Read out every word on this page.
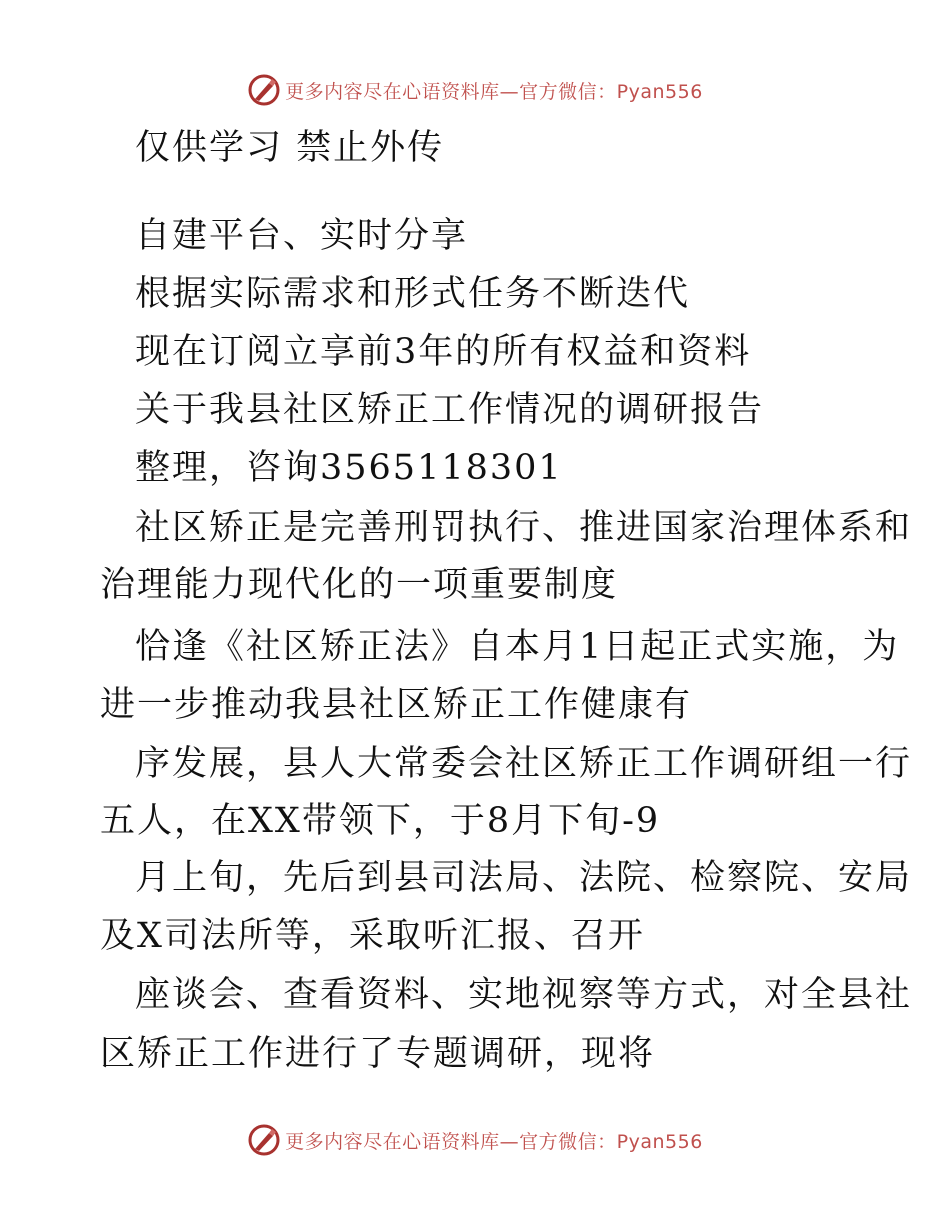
更多内容尽在心语资料库—官方微信：Pyan556

仅供学习 禁止外传

自建平台、实时分享

根据实际需求和形式任务不断迭代

现在订阅立享前3年的所有权益和资料

关于我县社区矫正工作情况的调研报告

整理，咨询3565118301

社区矫正是完善刑罚执行、推进国家治理体系和

治理能力现代化的一项重要制度

恰逢《社区矫正法》自本月1日起正式实施，为

进一步推动我县社区矫正工作健康有

序发展，县人大常委会社区矫正工作调研组一行

五人，在XX带领下，于8月下旬-9

月上旬，先后到县司法局、法院、检察院、安局

及X司法所等，采取听汇报、召开

座谈会、查看资料、实地视察等方式，对全县社

区矫正工作进行了专题调研，现将

更多内容尽在心语资料库—官方微信：Pyan556
